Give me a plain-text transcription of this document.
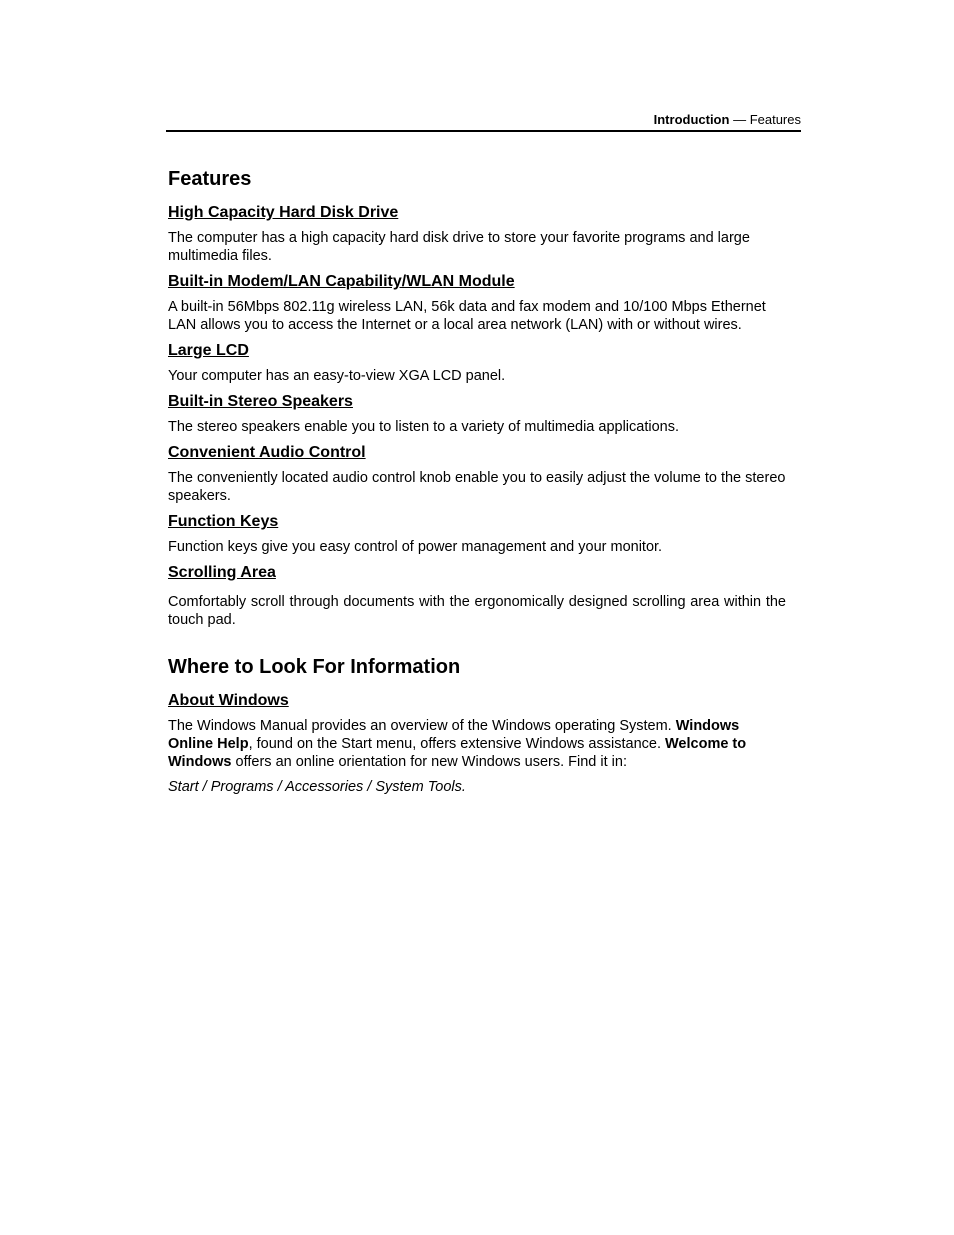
Introduction — Features
Features
High Capacity Hard Disk Drive

The computer has a high capacity hard disk drive to store your favorite programs and large multimedia files.

Built-in Modem/LAN Capability/WLAN Module

A built-in 56Mbps 802.11g wireless LAN, 56k data and fax modem and 10/100 Mbps Ethernet LAN allows you to access the Internet or a local area network (LAN) with or without wires.

Large LCD

Your computer has an easy-to-view XGA LCD panel.

Built-in Stereo Speakers

The stereo speakers enable you to listen to a variety of multimedia applications.

Convenient Audio Control

The conveniently located audio control knob enable you to easily adjust the volume to the stereo speakers.

Function Keys

Function keys give you easy control of power management and your monitor.

Scrolling Area

Comfortably scroll through documents with the ergonomically designed scrolling area within the touch pad.

Where to Look For Information
About Windows

The Windows Manual provides an overview of the Windows operating System. Windows Online Help, found on the Start menu, offers extensive Windows assistance. Welcome to Windows offers an online orientation for new Windows users. Find it in:

Start / Programs / Accessories / System Tools.
